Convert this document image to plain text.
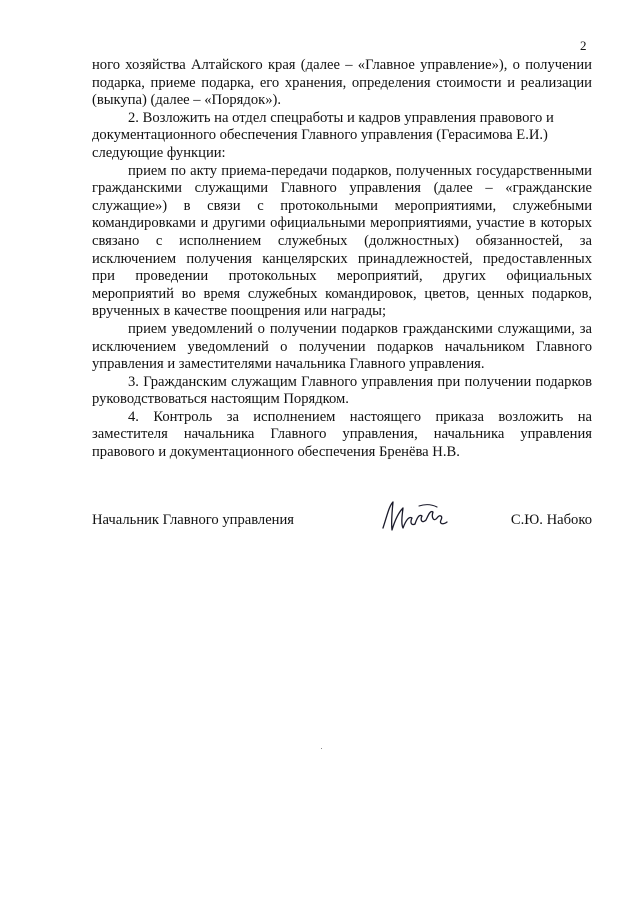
2

ного хозяйства Алтайского края (далее – «Главное управление»), о получении подарка, приеме подарка, его хранения, определения стоимости и реализации (выкупа) (далее – «Порядок»).

2. Возложить на отдел спецработы и кадров управления правового и документационного обеспечения Главного управления (Герасимова Е.И.) следующие функции:

прием по акту приема-передачи подарков, полученных государственными гражданскими служащими Главного управления (далее – «гражданские служащие») в связи с протокольными мероприятиями, служебными командировками и другими официальными мероприятиями, участие в которых связано с исполнением служебных (должностных) обязанностей, за исключением получения канцелярских принадлежностей, предоставленных при проведении протокольных мероприятий, других официальных мероприятий во время служебных командировок, цветов, ценных подарков, врученных в качестве поощрения или награды;

прием уведомлений о получении подарков гражданскими служащими, за исключением уведомлений о получении подарков начальником Главного управления и заместителями начальника Главного управления.

3. Гражданским служащим Главного управления при получении подарков руководствоваться настоящим Порядком.

4. Контроль за исполнением настоящего приказа возложить на заместителя начальника Главного управления, начальника управления правового и документационного обеспечения Бренёва Н.В.

Начальник Главного управления	С.Ю. Набоко
